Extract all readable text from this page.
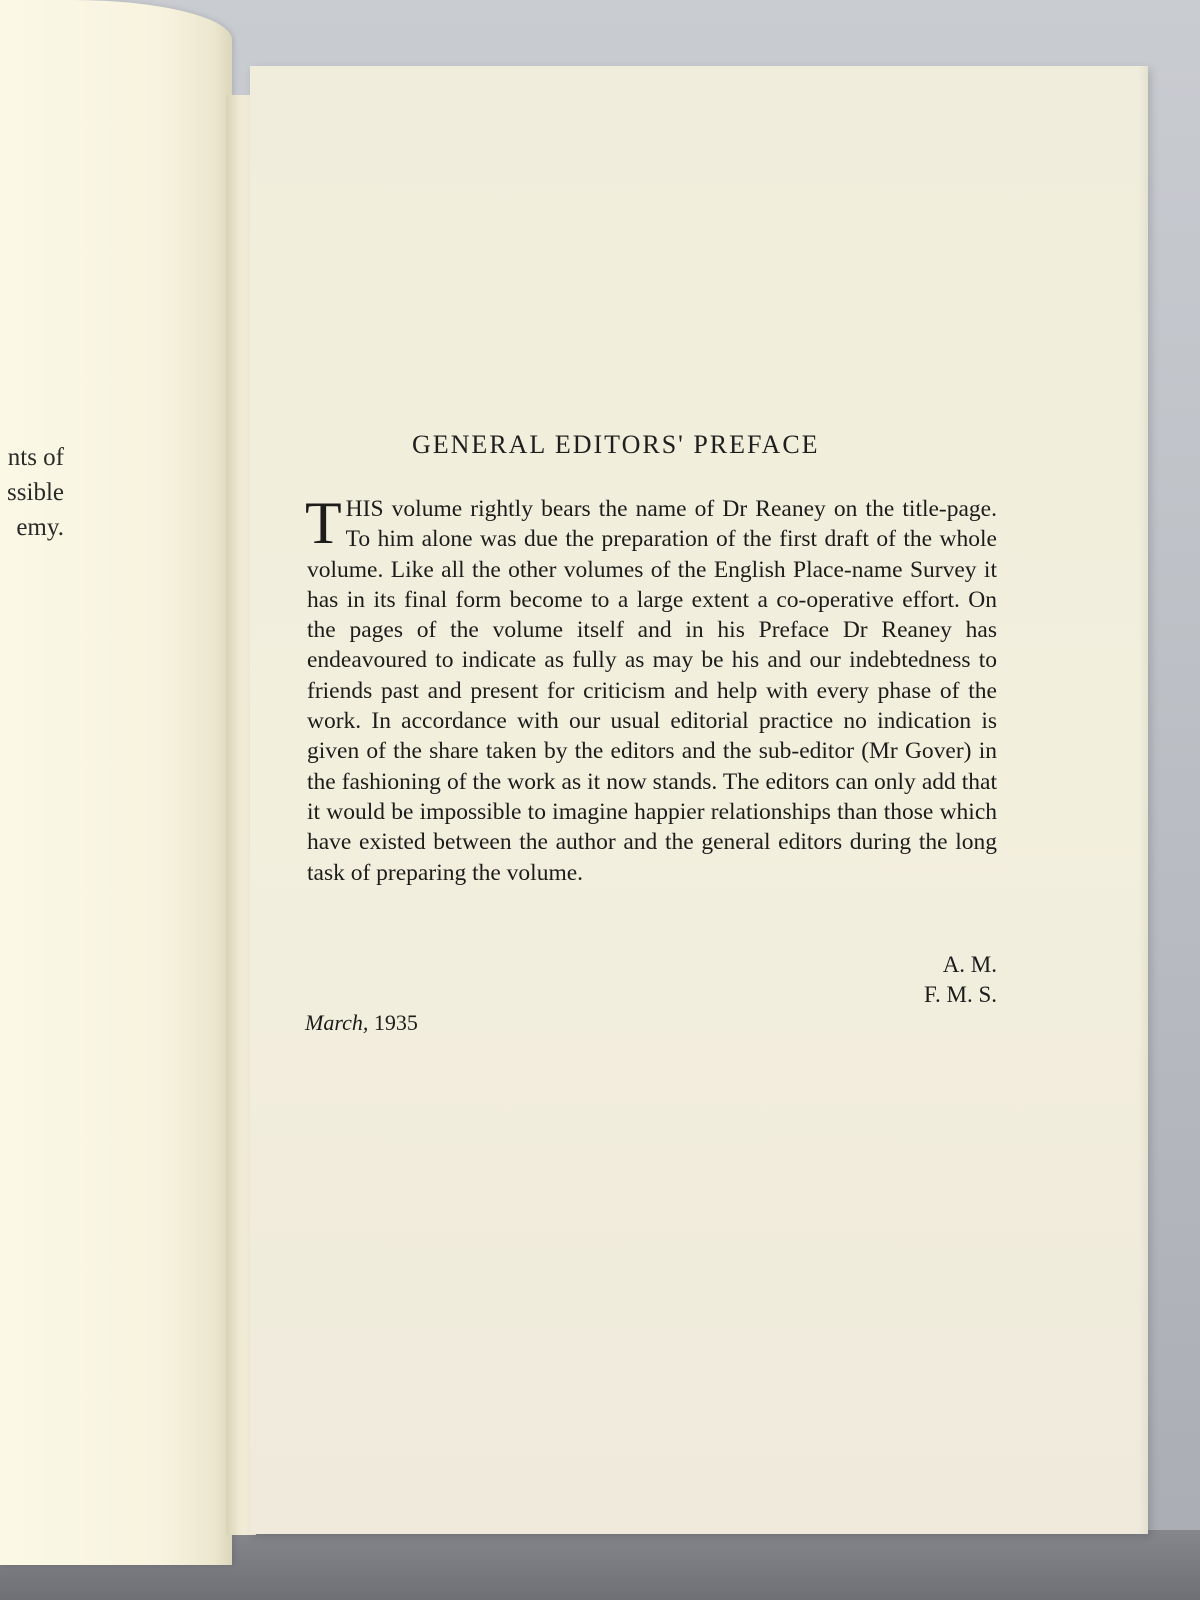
nts of
ssible
emy.
GENERAL EDITORS' PREFACE

THIS volume rightly bears the name of Dr Reaney on the title-page. To him alone was due the preparation of the first draft of the whole volume. Like all the other volumes of the English Place-name Survey it has in its final form become to a large extent a co-operative effort. On the pages of the volume itself and in his Preface Dr Reaney has endeavoured to indicate as fully as may be his and our indebtedness to friends past and present for criticism and help with every phase of the work. In accordance with our usual editorial practice no indication is given of the share taken by the editors and the sub-editor (Mr Gover) in the fashioning of the work as it now stands. The editors can only add that it would be impossible to imagine happier relationships than those which have existed between the author and the general editors during the long task of preparing the volume.

A. M.
F. M. S.
March, 1935
